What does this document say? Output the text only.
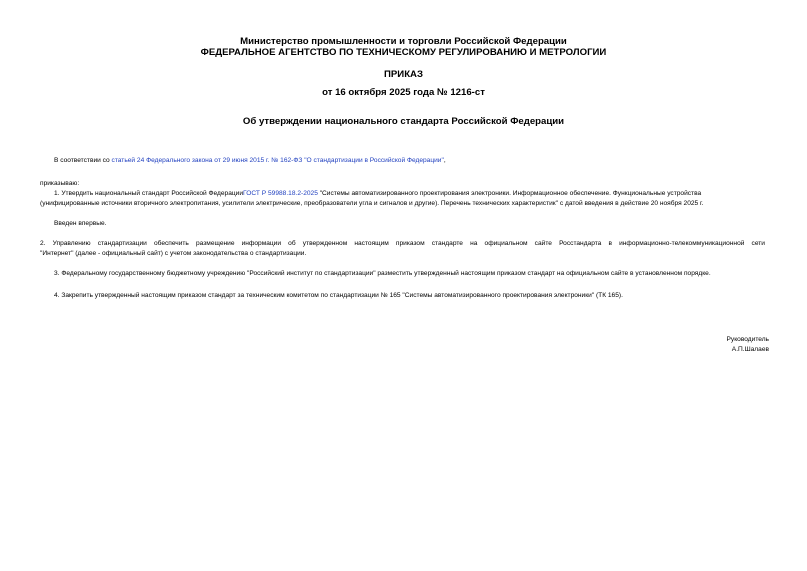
Министерство промышленности и торговли Российской Федерации
ФЕДЕРАЛЬНОЕ АГЕНТСТВО ПО ТЕХНИЧЕСКОМУ РЕГУЛИРОВАНИЮ И МЕТРОЛОГИИ
ПРИКАЗ
от 16 октября 2025 года № 1216-ст
Об утверждении национального стандарта Российской Федерации
В соответствии со статьей 24 Федерального закона от 29 июня 2015 г. № 162-ФЗ "О стандартизации в Российской Федерации",
приказываю:
1. Утвердить национальный стандарт Российской ФедерацииГОСТ Р 59988.18.2-2025 "Системы автоматизированного проектирования электроники. Информационное обеспечение. Функциональные устройства
(унифицированные источники вторичного электропитания, усилители электрические, преобразователи угла и сигналов и другие). Перечень технических характеристик" с датой введения в действие 20 ноября 2025 г.
Введен впервые.
2. Управлению стандартизации обеспечить размещение информации об утвержденном настоящим приказом стандарте на официальном сайте Росстандарта в информационно-телекоммуникационной сети
"Интернет" (далее - официальный сайт) с учетом законодательства о стандартизации.
3. Федеральному государственному бюджетному учреждению "Российский институт по стандартизации" разместить утвержденный настоящим приказом стандарт на официальном сайте в установленном порядке.
4. Закрепить утвержденный настоящим приказом стандарт за техническим комитетом по стандартизации № 165 "Системы автоматизированного проектирования электроники" (ТК 165).
Руководитель
А.П.Шалаев
